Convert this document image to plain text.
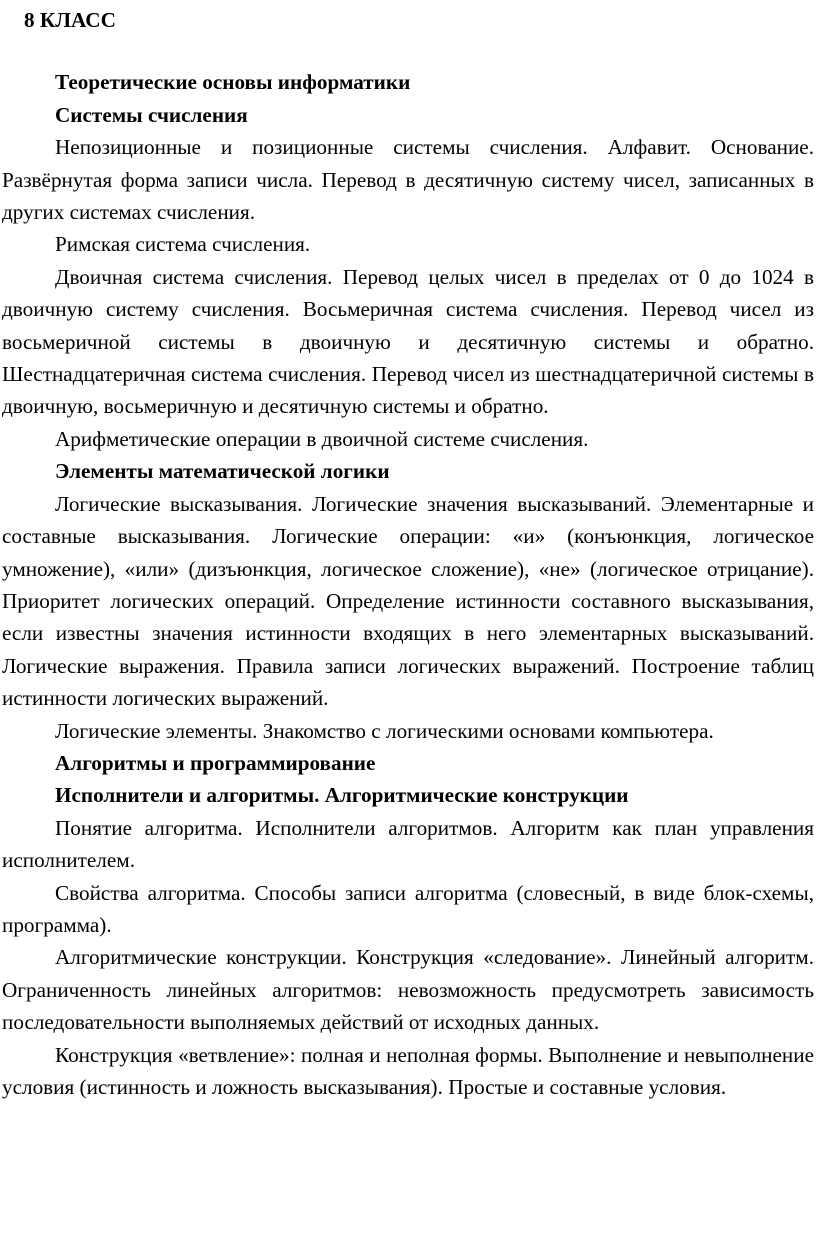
8 КЛАСС

Теоретические основы информатики

Системы счисления

Непозиционные и позиционные системы счисления. Алфавит. Основание. Развёрнутая форма записи числа. Перевод в десятичную систему чисел, записанных в других системах счисления.

Римская система счисления.

Двоичная система счисления. Перевод целых чисел в пределах от 0 до 1024 в двоичную систему счисления. Восьмеричная система счисления. Перевод чисел из восьмеричной системы в двоичную и десятичную системы и обратно. Шестнадцатеричная система счисления. Перевод чисел из шестнадцатеричной системы в двоичную, восьмеричную и десятичную системы и обратно.

Арифметические операции в двоичной системе счисления.

Элементы математической логики

Логические высказывания. Логические значения высказываний. Элементарные и составные высказывания. Логические операции: «и» (конъюнкция, логическое умножение), «или» (дизъюнкция, логическое сложение), «не» (логическое отрицание). Приоритет логических операций. Определение истинности составного высказывания, если известны значения истинности входящих в него элементарных высказываний. Логические выражения. Правила записи логических выражений. Построение таблиц истинности логических выражений.

Логические элементы. Знакомство с логическими основами компьютера.

Алгоритмы и программирование

Исполнители и алгоритмы. Алгоритмические конструкции

Понятие алгоритма. Исполнители алгоритмов. Алгоритм как план управления исполнителем.

Свойства алгоритма. Способы записи алгоритма (словесный, в виде блок-схемы, программа).

Алгоритмические конструкции. Конструкция «следование». Линейный алгоритм. Ограниченность линейных алгоритмов: невозможность предусмотреть зависимость последовательности выполняемых действий от исходных данных.

Конструкция «ветвление»: полная и неполная формы. Выполнение и невыполнение условия (истинность и ложность высказывания). Простые и составные условия.
